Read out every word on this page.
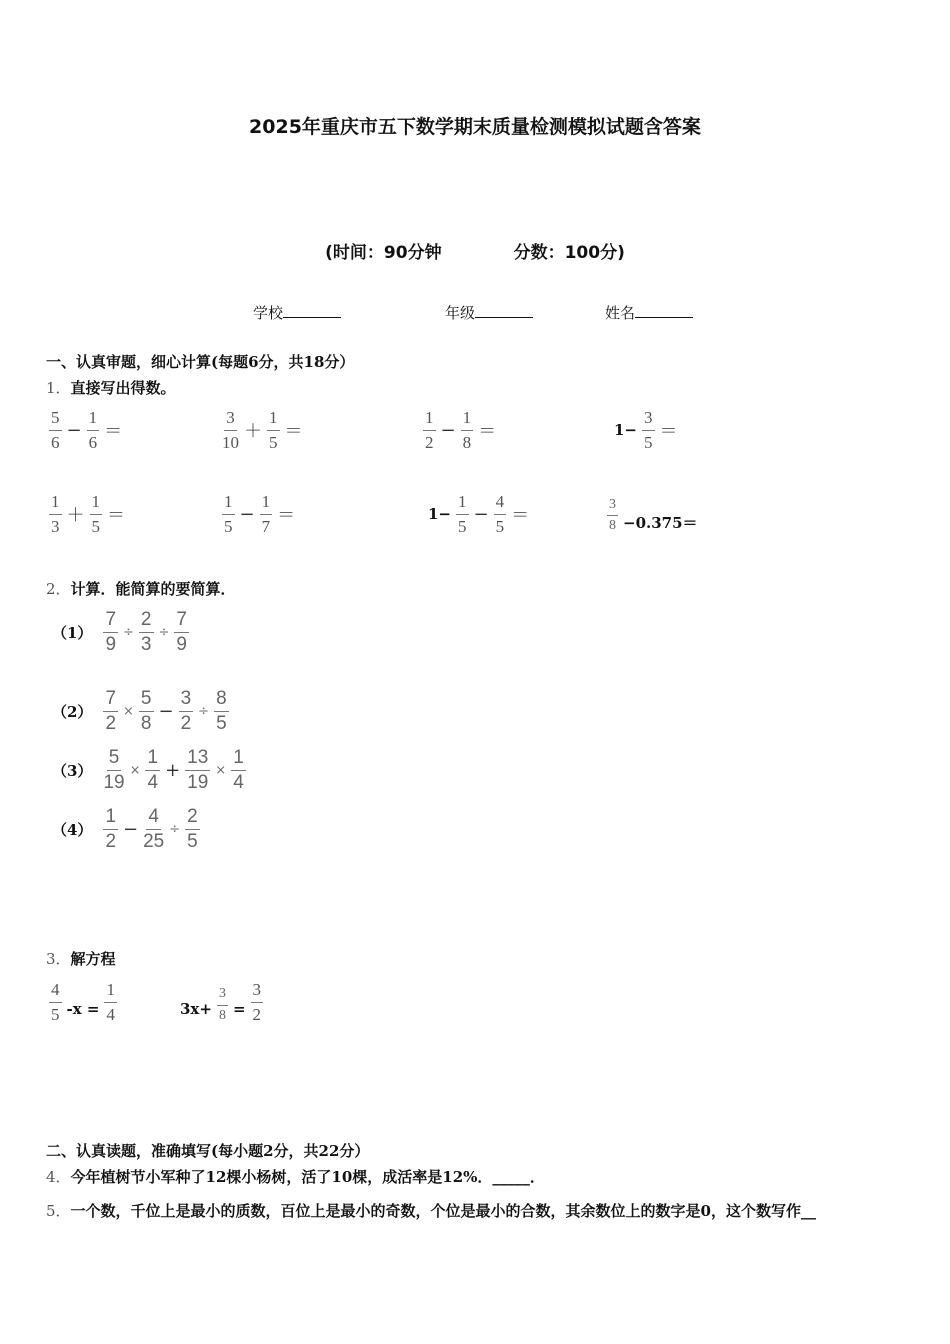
2025年重庆市五下数学期末质量检测模拟试题含答案
(时间：90分钟	分数：100分)
学校	年级	姓名
一、认真审题，细心计算(每题6分，共18分）
1．直接写出得数。
$\frac{5}{6} - \frac{1}{6}$ ＝	$\frac{3}{10} + \frac{1}{5}$ ＝	$\frac{1}{2} - \frac{1}{8}$ ＝	$1- \frac{3}{5}$ ＝
$\frac{1}{3} + \frac{1}{5}$ ＝	$\frac{1}{5} - \frac{1}{7}$ ＝	$1- \frac{1}{5} - \frac{4}{5}$ ＝	$\frac{3}{8} -0.375=$
2．计算．能简算的要简算．
$(1) \frac{7}{9} \div \frac{2}{3} \div \frac{7}{9}$
$(2) \frac{7}{2} \times \frac{5}{8} - \frac{3}{2} \div \frac{8}{5}$
$(3) \frac{5}{19} \times \frac{1}{4} + \frac{13}{19} \times \frac{1}{4}$
$(4) \frac{1}{2} - \frac{4}{25} \div \frac{2}{5}$
3．解方程
$\frac{4}{5} -x = \frac{1}{4}$	$3x+ \frac{3}{8} = \frac{3}{2}$
二、认真读题，准确填写(每小题2分，共22分）
4．今年植树节小军种了12棵小杨树，活了10棵，成活率是12%．_____．
5．一个数，千位上是最小的质数，百位上是最小的奇数，个位是最小的合数，其余数位上的数字是0，这个数写作__
